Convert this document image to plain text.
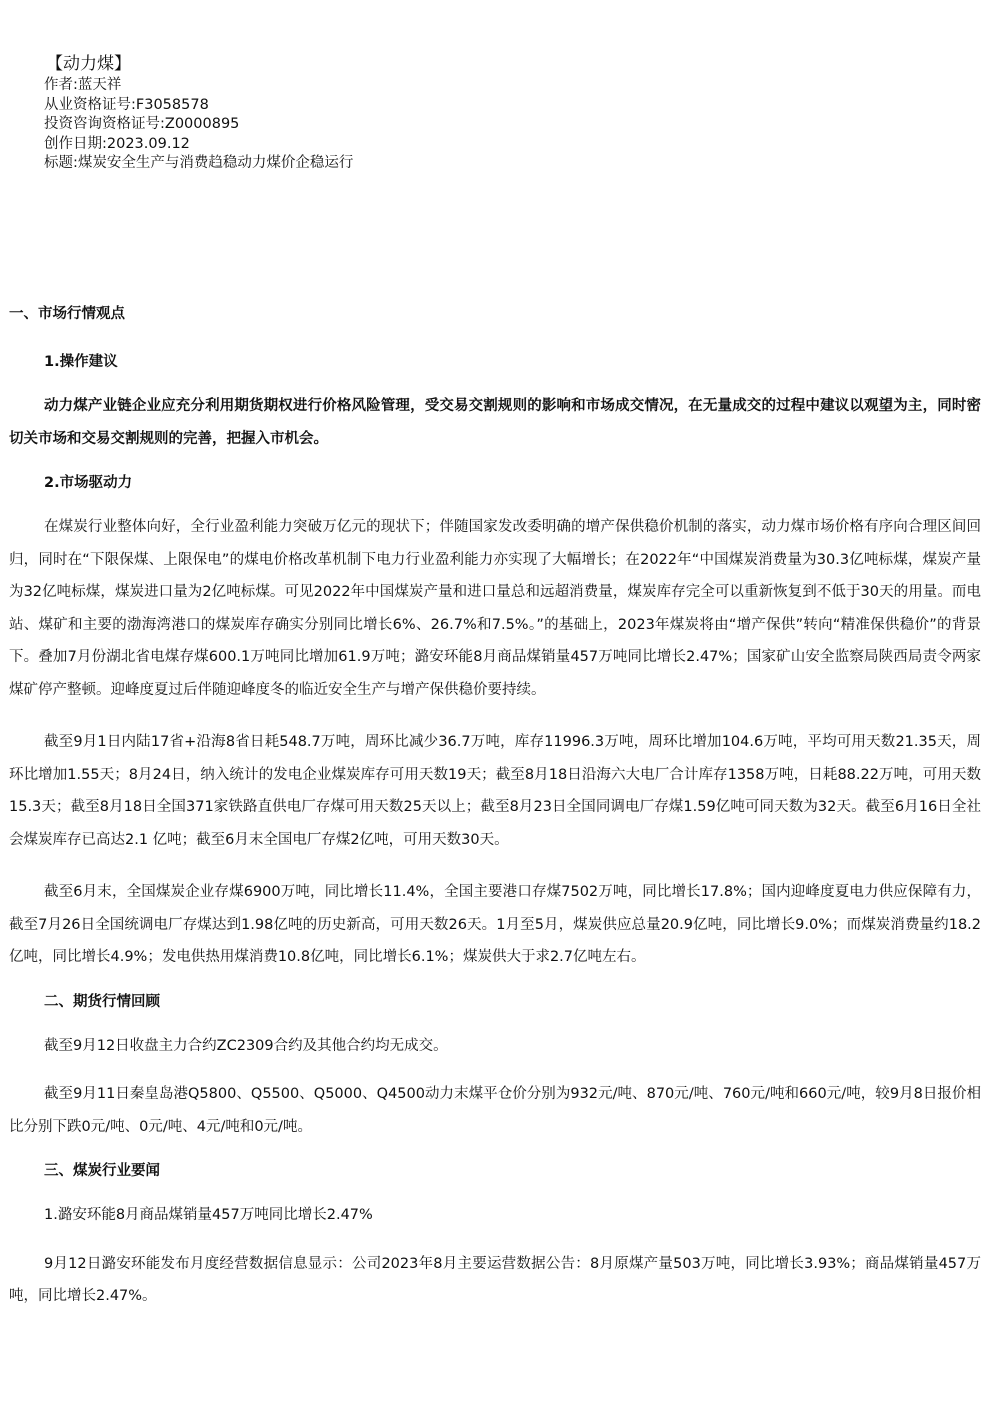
【动力煤】
作者:蓝天祥
从业资格证号:F3058578
投资咨询资格证号:Z0000895
创作日期:2023.09.12
标题:煤炭安全生产与消费趋稳动力煤价企稳运行

一、市场行情观点

1.操作建议

动力煤产业链企业应充分利用期货期权进行价格风险管理，受交易交割规则的影响和市场成交情况，在无量成交的过程中建议以观望为主，同时密切关市场和交易交割规则的完善，把握入市机会。

2.市场驱动力

在煤炭行业整体向好，全行业盈利能力突破万亿元的现状下；伴随国家发改委明确的增产保供稳价机制的落实，动力煤市场价格有序向合理区间回归，同时在“下限保煤、上限保电”的煤电价格改革机制下电力行业盈利能力亦实现了大幅增长；在2022年“中国煤炭消费量为30.3亿吨标煤，煤炭产量为32亿吨标煤，煤炭进口量为2亿吨标煤。可见2022年中国煤炭产量和进口量总和远超消费量，煤炭库存完全可以重新恢复到不低于30天的用量。而电站、煤矿和主要的渤海湾港口的煤炭库存确实分别同比增长6%、26.7%和7.5%。”的基础上，2023年煤炭将由“增产保供”转向“精准保供稳价”的背景下。叠加7月份湖北省电煤存煤600.1万吨同比增加61.9万吨；潞安环能8月商品煤销量457万吨同比增长2.47%；国家矿山安全监察局陕西局责令两家煤矿停产整顿。迎峰度夏过后伴随迎峰度冬的临近安全生产与增产保供稳价要持续。

截至9月1日内陆17省+沿海8省日耗548.7万吨，周环比减少36.7万吨，库存11996.3万吨，周环比增加104.6万吨，平均可用天数21.35天，周环比增加1.55天；8月24日，纳入统计的发电企业煤炭库存可用天数19天；截至8月18日沿海六大电厂合计库存1358万吨，日耗88.22万吨，可用天数15.3天；截至8月18日全国371家铁路直供电厂存煤可用天数25天以上；截至8月23日全国同调电厂存煤1.59亿吨可同天数为32天。截至6月16日全社会煤炭库存已高达2.1 亿吨；截至6月末全国电厂存煤2亿吨，可用天数30天。

截至6月末，全国煤炭企业存煤6900万吨，同比增长11.4%，全国主要港口存煤7502万吨，同比增长17.8%；国内迎峰度夏电力供应保障有力，截至7月26日全国统调电厂存煤达到1.98亿吨的历史新高，可用天数26天。1月至5月，煤炭供应总量20.9亿吨，同比增长9.0%；而煤炭消费量约18.2亿吨，同比增长4.9%；发电供热用煤消费10.8亿吨，同比增长6.1%；煤炭供大于求2.7亿吨左右。

二、期货行情回顾

截至9月12日收盘主力合约ZC2309合约及其他合约均无成交。

截至9月11日秦皇岛港Q5800、Q5500、Q5000、Q4500动力末煤平仓价分别为932元/吨、870元/吨、760元/吨和660元/吨，较9月8日报价相比分别下跌0元/吨、0元/吨、4元/吨和0元/吨。

三、煤炭行业要闻

1.潞安环能8月商品煤销量457万吨同比增长2.47%

9月12日潞安环能发布月度经营数据信息显示：公司2023年8月主要运营数据公告：8月原煤产量503万吨，同比增长3.93%；商品煤销量457万吨，同比增长2.47%。
